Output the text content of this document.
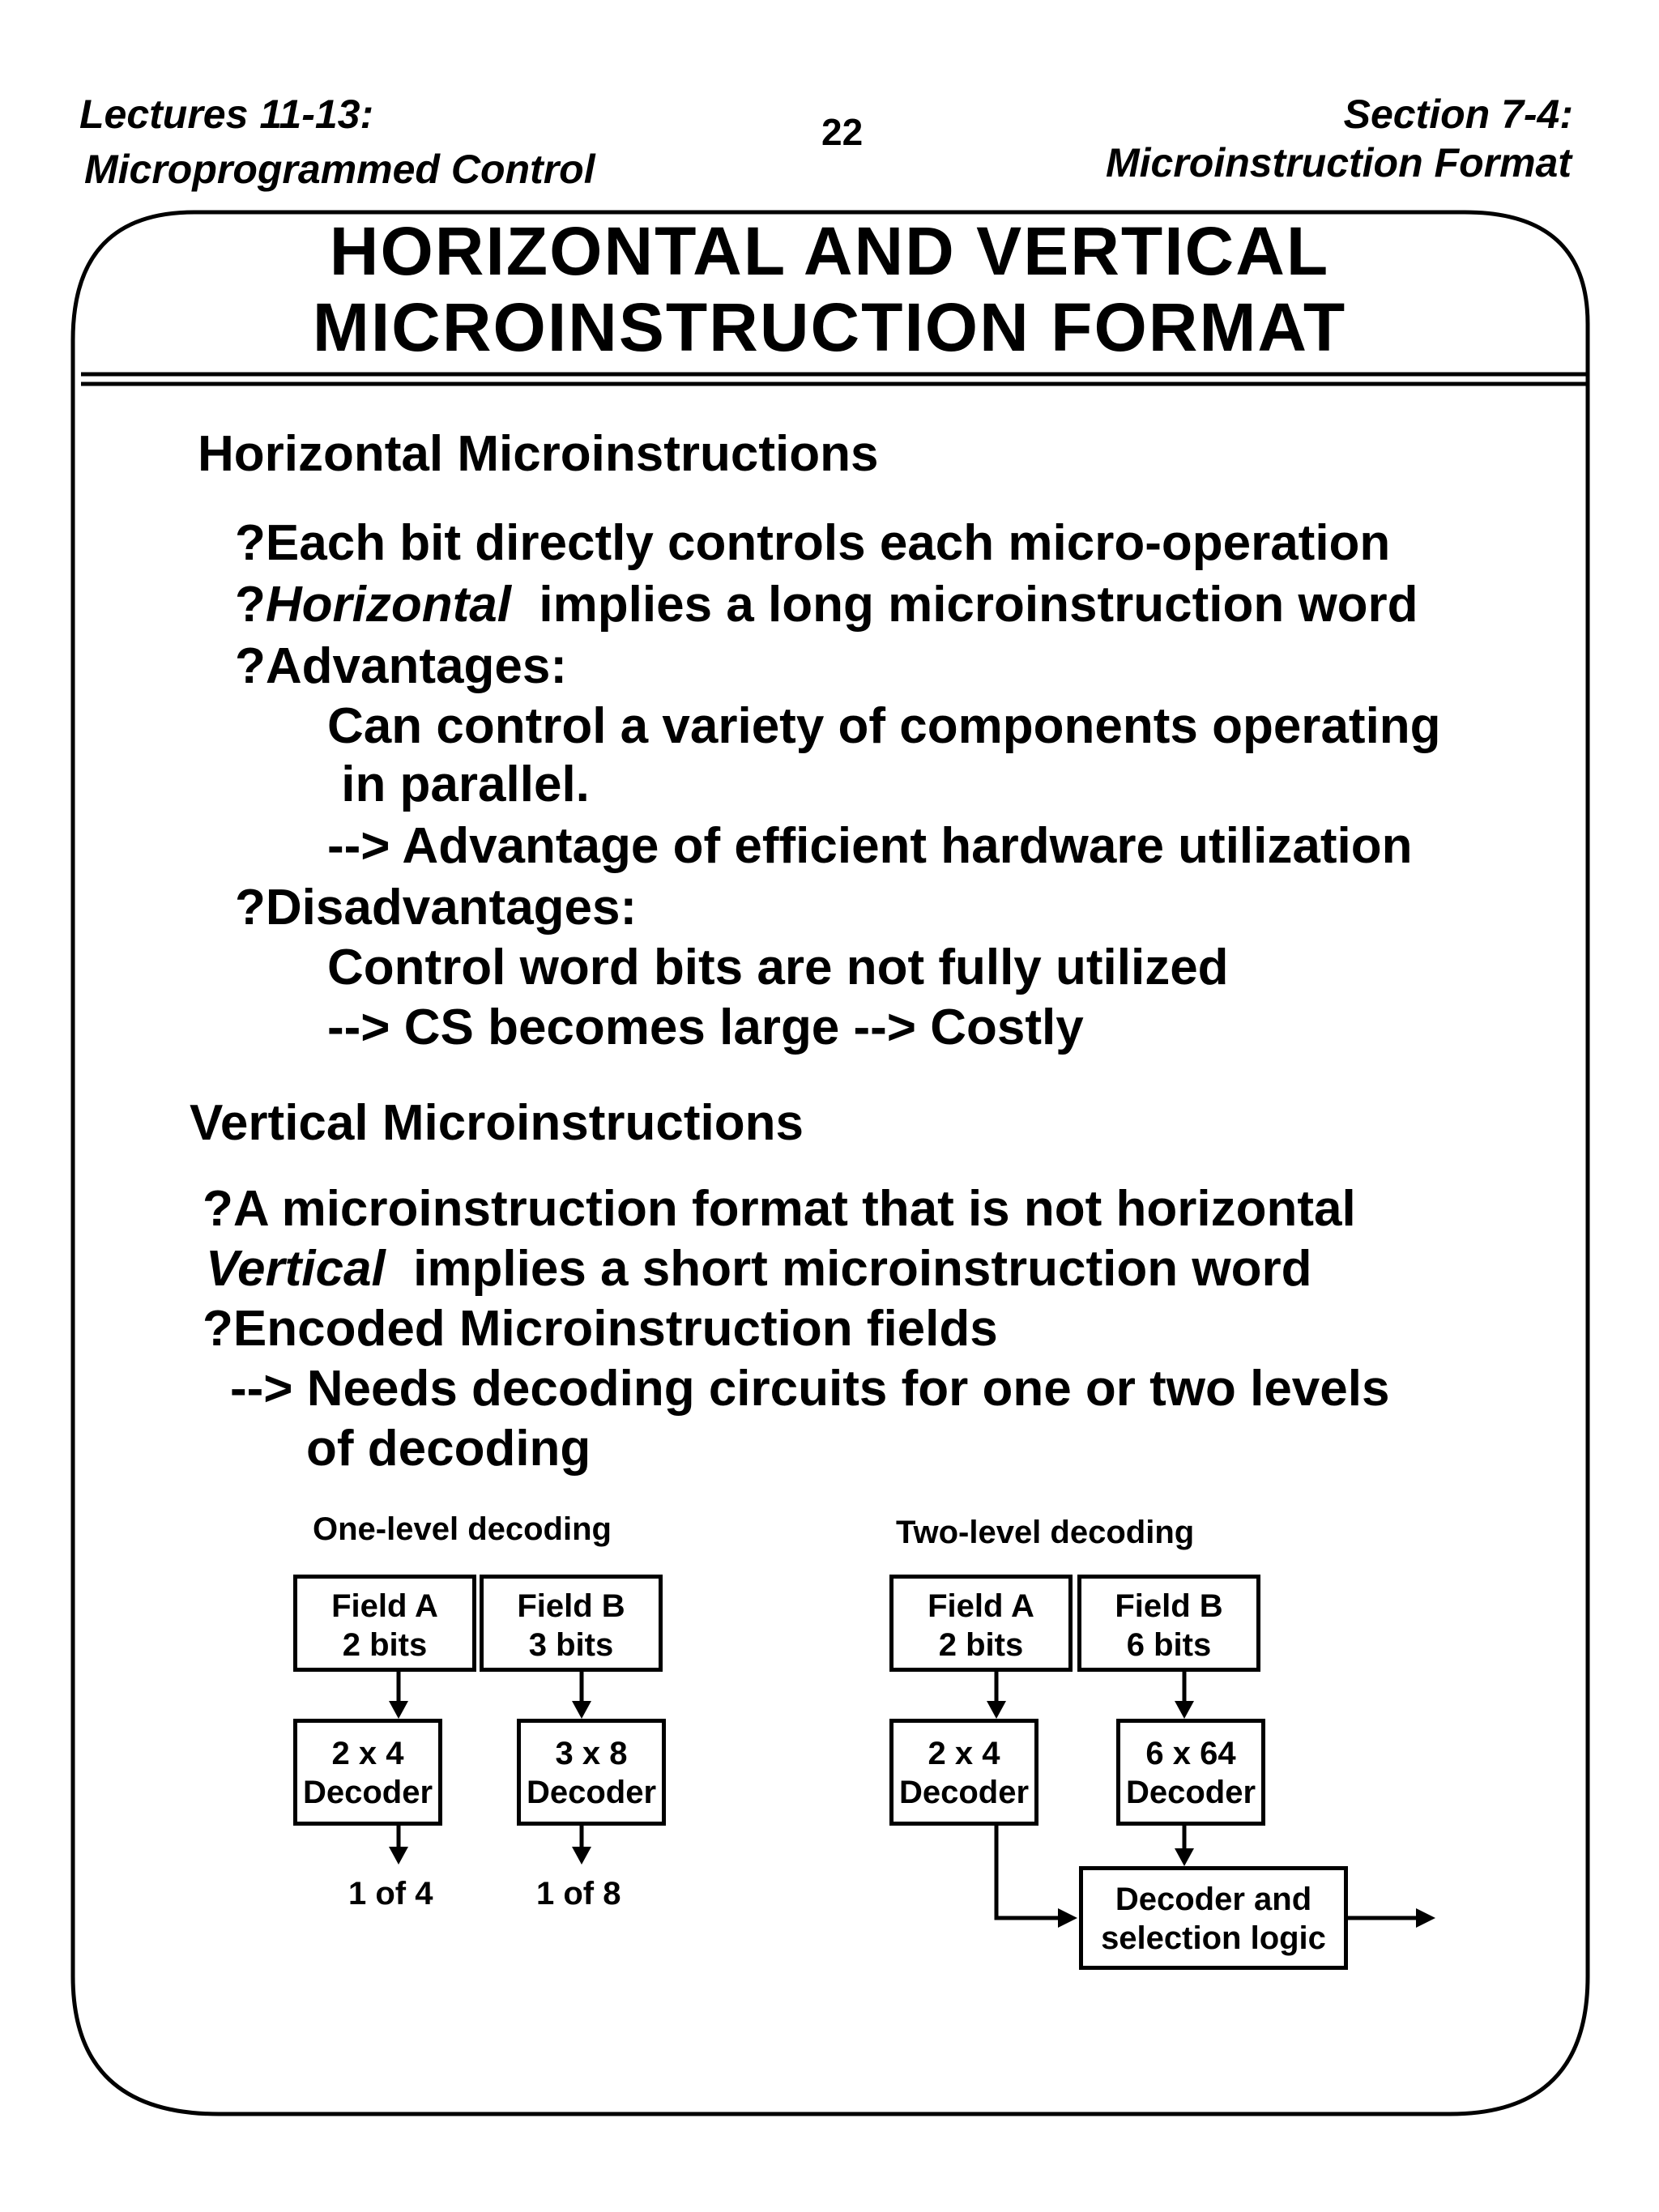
Lectures 11-13:
Microprogrammed Control
22	Section 7-4:
Microinstruction Format
HORIZONTAL AND VERTICAL
MICROINSTRUCTION FORMAT
Horizontal Microinstructions
?Each bit directly controls each micro-operation
?Horizontal  implies a long microinstruction word
?Advantages:
Can control a variety of components operating
in parallel.
--> Advantage of efficient hardware utilization
?Disadvantages:
Control word bits are not fully utilized
--> CS becomes large --> Costly
Vertical Microinstructions
?A microinstruction format that is not horizontal
Vertical  implies a short microinstruction word
?Encoded Microinstruction fields
--> Needs decoding circuits for one or two levels
of decoding
One-level decoding
Field A
2 bits
Field B
3 bits
2 x 4
Decoder
3 x 8
Decoder
1 of 4	1 of 8
Two-level decoding
Field A
2 bits
Field B
6 bits
2 x 4
Decoder
6 x 64
Decoder
Decoder and
selection logic
